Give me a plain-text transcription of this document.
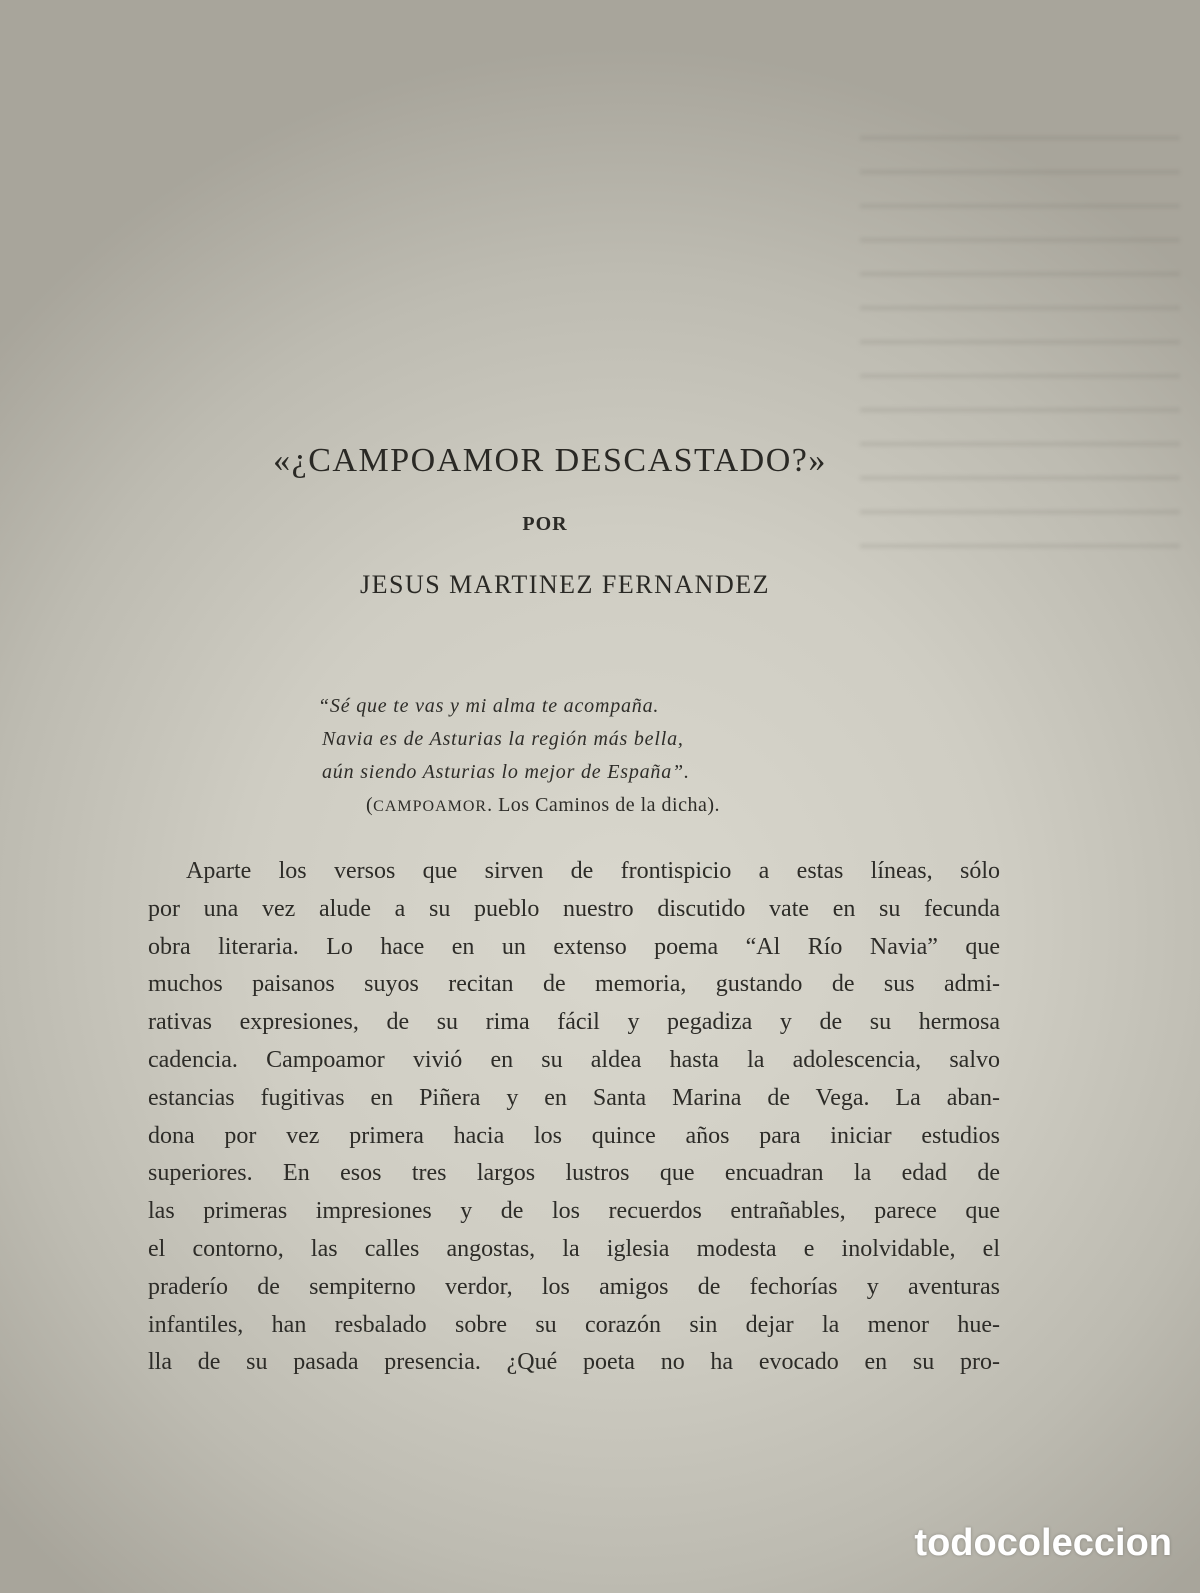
«¿CAMPOAMOR DESCASTADO?»
POR
JESUS MARTINEZ FERNANDEZ
“Sé que te vas y mi alma te acompaña.
Navia es de Asturias la región más bella,
aún siendo Asturias lo mejor de España”.
(CAMPOAMOR. Los Caminos de la dicha).
Aparte los versos que sirven de frontispicio a estas líneas, sólo
por una vez alude a su pueblo nuestro discutido vate en su fecunda
obra literaria. Lo hace en un extenso poema “Al Río Navia” que
muchos paisanos suyos recitan de memoria, gustando de sus admi-
rativas expresiones, de su rima fácil y pegadiza y de su hermosa
cadencia. Campoamor vivió en su aldea hasta la adolescencia, salvo
estancias fugitivas en Piñera y en Santa Marina de Vega. La aban-
dona por vez primera hacia los quince años para iniciar estudios
superiores. En esos tres largos lustros que encuadran la edad de
las primeras impresiones y de los recuerdos entrañables, parece que
el contorno, las calles angostas, la iglesia modesta e inolvidable, el
praderío de sempiterno verdor, los amigos de fechorías y aventuras
infantiles, han resbalado sobre su corazón sin dejar la menor hue-
lla de su pasada presencia. ¿Qué poeta no ha evocado en su pro-
todocoleccion
